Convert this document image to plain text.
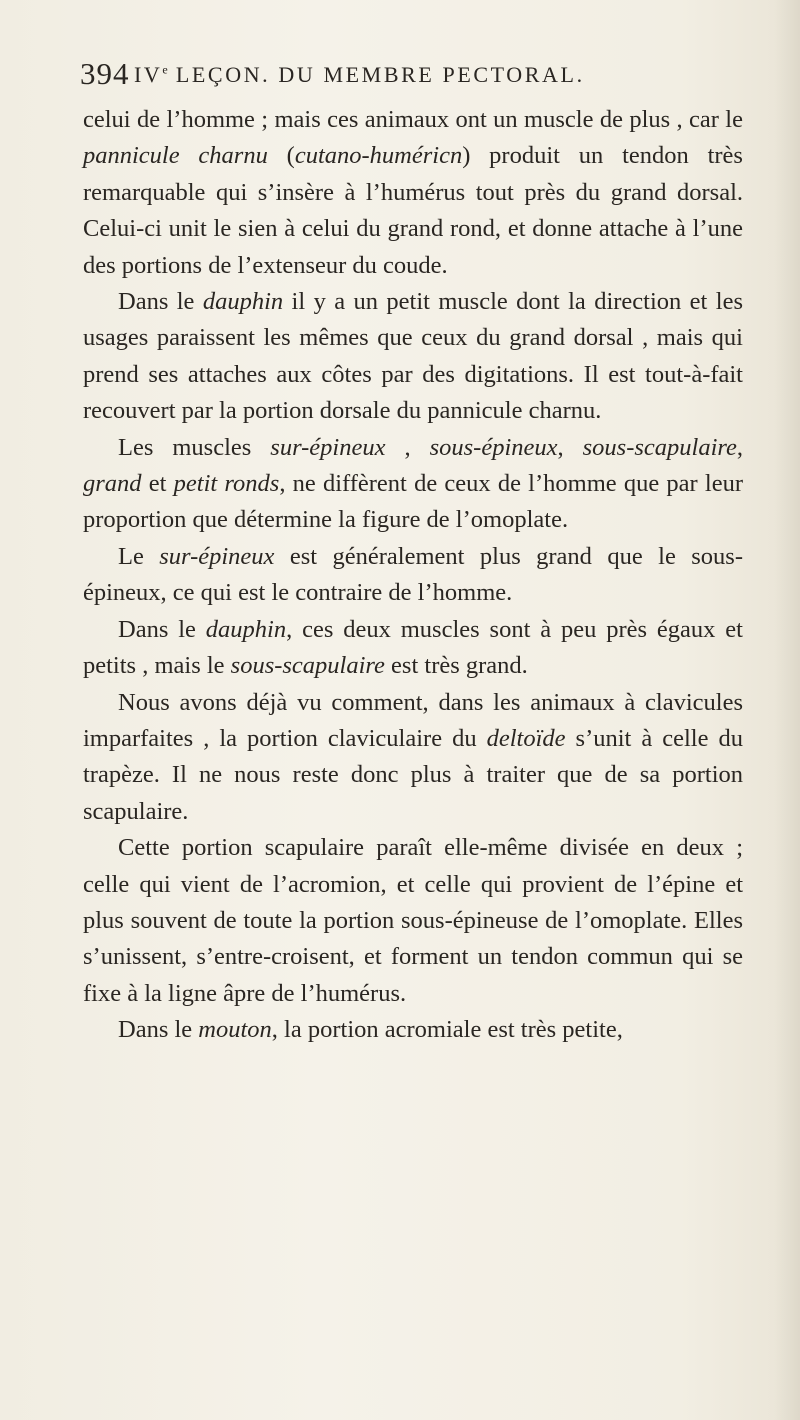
394 IVe LEÇON. DU MEMBRE PECTORAL.

celui de l’homme ; mais ces animaux ont un muscle de plus , car le pannicule charnu (cutano-huméricn) produit un tendon très remarquable qui s’insère à l’humérus tout près du grand dorsal. Celui-ci unit le sien à celui du grand rond, et donne attache à l’une des portions de l’extenseur du coude.

Dans le dauphin il y a un petit muscle dont la direction et les usages paraissent les mêmes que ceux du grand dorsal , mais qui prend ses attaches aux côtes par des digitations. Il est tout-à-fait recouvert par la portion dorsale du pannicule charnu.

Les muscles sur-épineux , sous-épineux, sous-scapulaire, grand et petit ronds, ne diffèrent de ceux de l’homme que par leur proportion que détermine la figure de l’omoplate.

Le sur-épineux est généralement plus grand que le sous-épineux, ce qui est le contraire de l’homme.

Dans le dauphin, ces deux muscles sont à peu près égaux et petits , mais le sous-scapulaire est très grand.

Nous avons déjà vu comment, dans les animaux à clavicules imparfaites , la portion claviculaire du deltoïde s’unit à celle du trapèze. Il ne nous reste donc plus à traiter que de sa portion scapulaire.

Cette portion scapulaire paraît elle-même divisée en deux ; celle qui vient de l’acromion, et celle qui provient de l’épine et plus souvent de toute la portion sous-épineuse de l’omoplate. Elles s’unissent, s’entre-croisent, et forment un tendon commun qui se fixe à la ligne âpre de l’humérus.

Dans le mouton, la portion acromiale est très petite,
